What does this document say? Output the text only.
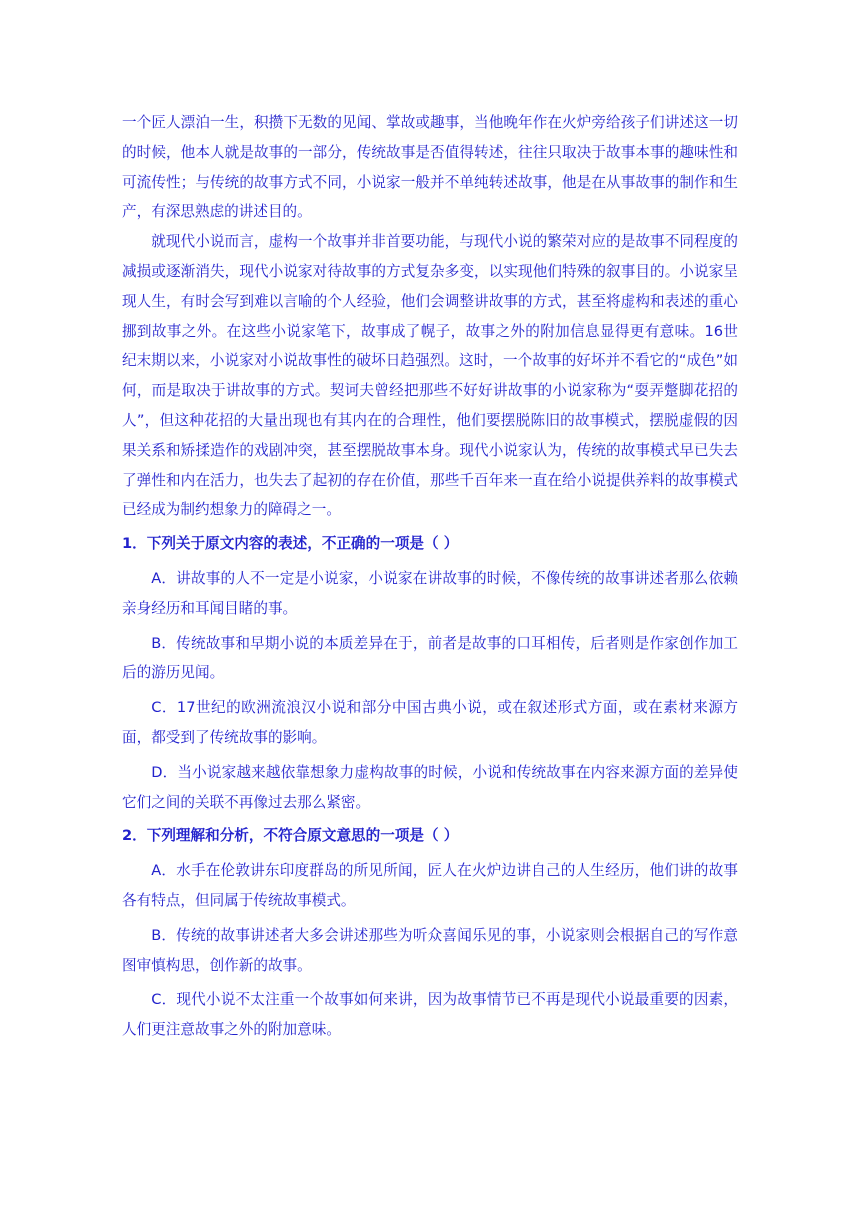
一个匠人漂泊一生，积攒下无数的见闻、掌故或趣事，当他晚年作在火炉旁给孩子们讲述这一切的时候，他本人就是故事的一部分，传统故事是否值得转述，往往只取决于故事本事的趣味性和可流传性；与传统的故事方式不同，小说家一般并不单纯转述故事，他是在从事故事的制作和生产，有深思熟虑的讲述目的。

就现代小说而言，虚构一个故事并非首要功能，与现代小说的繁荣对应的是故事不同程度的减损或逐渐消失，现代小说家对待故事的方式复杂多变，以实现他们特殊的叙事目的。小说家呈现人生，有时会写到难以言喻的个人经验，他们会调整讲故事的方式，甚至将虚构和表述的重心挪到故事之外。在这些小说家笔下，故事成了幌子，故事之外的附加信息显得更有意味。16世纪末期以来，小说家对小说故事性的破坏日趋强烈。这时，一个故事的好坏并不看它的“成色”如何，而是取决于讲故事的方式。契诃夫曾经把那些不好好讲故事的小说家称为“耍弄蹩脚花招的人”，但这种花招的大量出现也有其内在的合理性，他们要摆脱陈旧的故事模式，摆脱虚假的因果关系和矫揉造作的戏剧冲突，甚至摆脱故事本身。现代小说家认为，传统的故事模式早已失去了弹性和内在活力，也失去了起初的存在价值，那些千百年来一直在给小说提供养料的故事模式已经成为制约想象力的障碍之一。

1．下列关于原文内容的表述，不正确的一项是（ ）

A．讲故事的人不一定是小说家，小说家在讲故事的时候，不像传统的故事讲述者那么依赖亲身经历和耳闻目睹的事。

B．传统故事和早期小说的本质差异在于，前者是故事的口耳相传，后者则是作家创作加工后的游历见闻。

C．17世纪的欧洲流浪汉小说和部分中国古典小说，或在叙述形式方面，或在素材来源方面，都受到了传统故事的影响。

D．当小说家越来越依靠想象力虚构故事的时候，小说和传统故事在内容来源方面的差异使它们之间的关联不再像过去那么紧密。

2．下列理解和分析，不符合原文意思的一项是（ ）

A．水手在伦敦讲东印度群岛的所见所闻，匠人在火炉边讲自己的人生经历，他们讲的故事各有特点，但同属于传统故事模式。

B．传统的故事讲述者大多会讲述那些为听众喜闻乐见的事，小说家则会根据自己的写作意图审慎构思，创作新的故事。

C．现代小说不太注重一个故事如何来讲，因为故事情节已不再是现代小说最重要的因素，人们更注意故事之外的附加意味。
